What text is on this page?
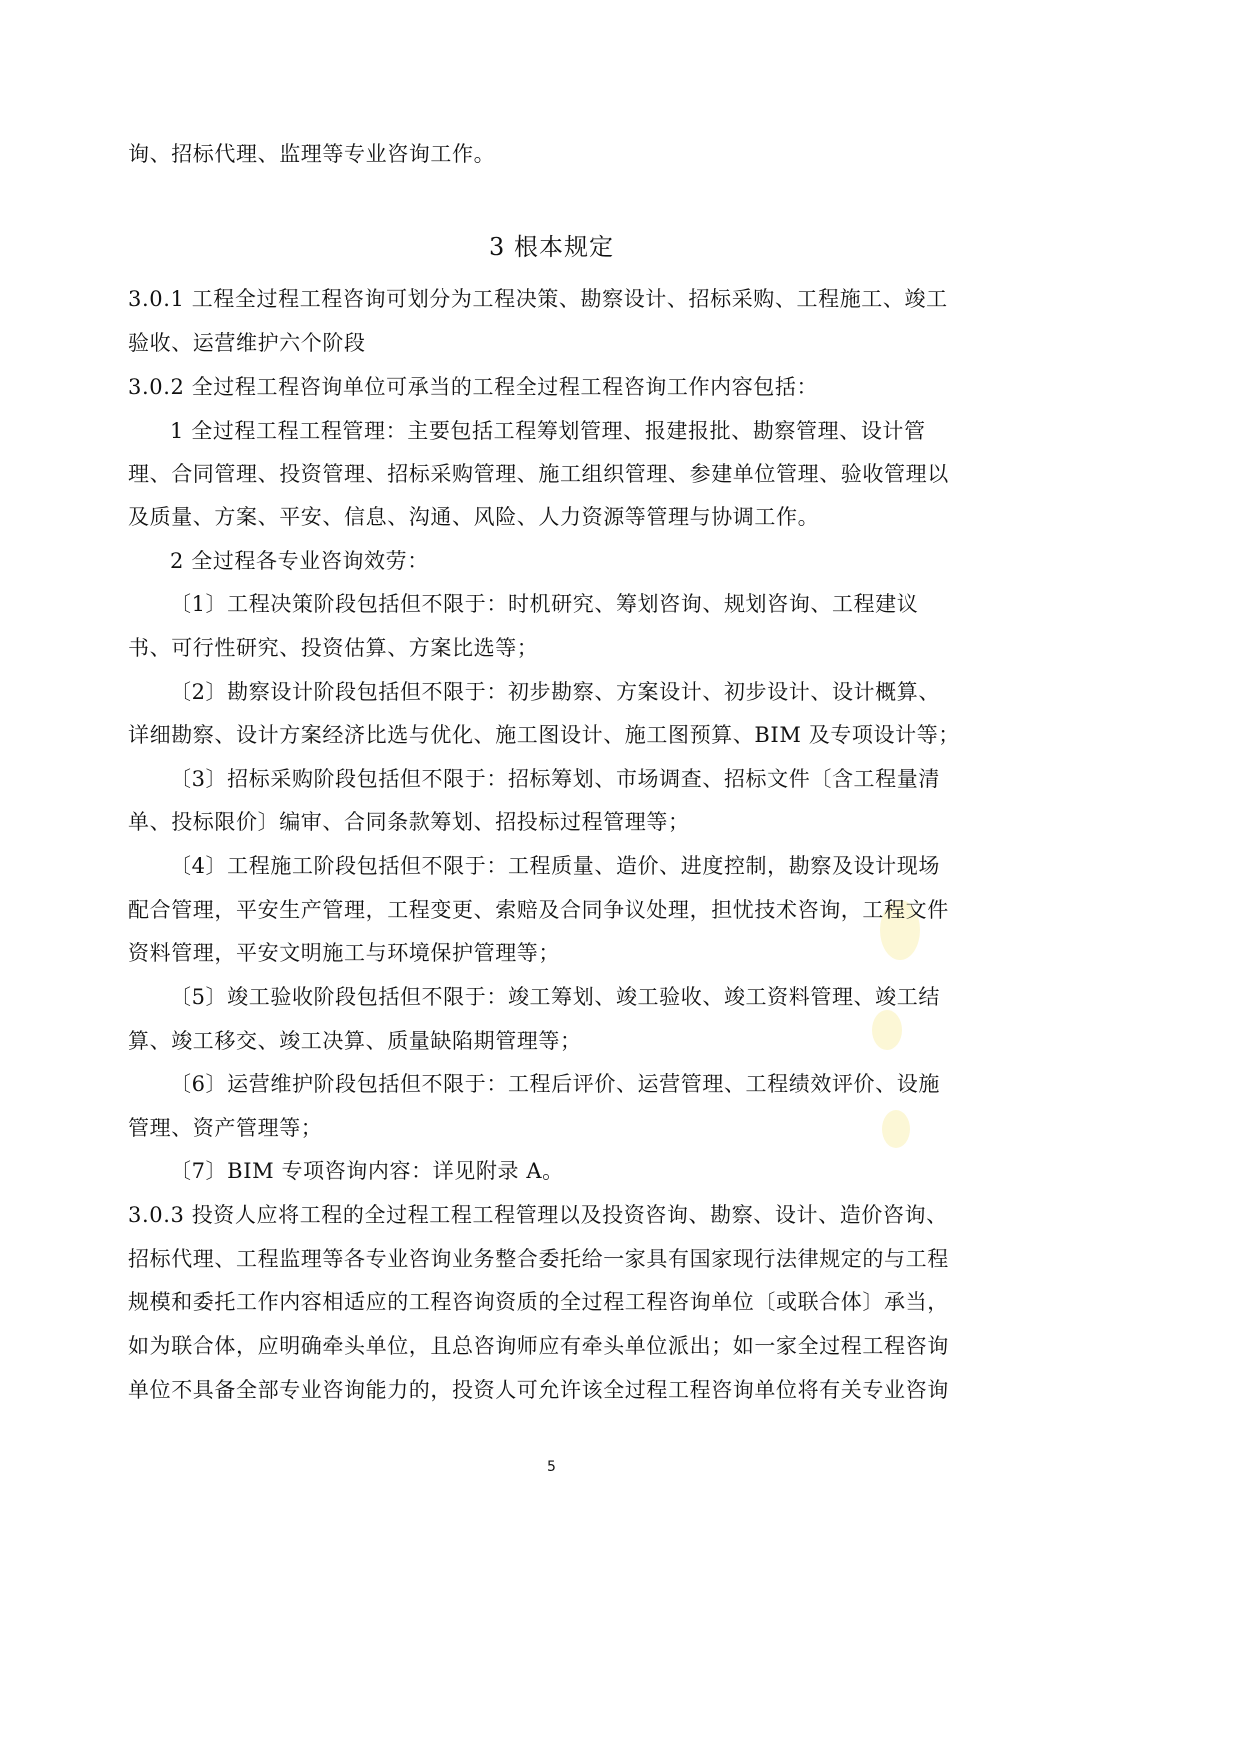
询、招标代理、监理等专业咨询工作。
3 根本规定
3.0.1 工程全过程工程咨询可划分为工程决策、勘察设计、招标采购、工程施工、竣工
验收、运营维护六个阶段
3.0.2 全过程工程咨询单位可承当的工程全过程工程咨询工作内容包括：
1 全过程工程工程管理：主要包括工程筹划管理、报建报批、勘察管理、设计管
理、合同管理、投资管理、招标采购管理、施工组织管理、参建单位管理、验收管理以
及质量、方案、平安、信息、沟通、风险、人力资源等管理与协调工作。
2 全过程各专业咨询效劳：
〔1〕工程决策阶段包括但不限于：时机研究、筹划咨询、规划咨询、工程建议
书、可行性研究、投资估算、方案比选等；
〔2〕勘察设计阶段包括但不限于：初步勘察、方案设计、初步设计、设计概算、
详细勘察、设计方案经济比选与优化、施工图设计、施工图预算、BIM 及专项设计等；
〔3〕招标采购阶段包括但不限于：招标筹划、市场调查、招标文件〔含工程量清
单、投标限价〕编审、合同条款筹划、招投标过程管理等；
〔4〕工程施工阶段包括但不限于：工程质量、造价、进度控制，勘察及设计现场
配合管理，平安生产管理，工程变更、索赔及合同争议处理，担忧技术咨询，工程文件
资料管理，平安文明施工与环境保护管理等；
〔5〕竣工验收阶段包括但不限于：竣工筹划、竣工验收、竣工资料管理、竣工结
算、竣工移交、竣工决算、质量缺陷期管理等；
〔6〕运营维护阶段包括但不限于：工程后评价、运营管理、工程绩效评价、设施
管理、资产管理等；
〔7〕BIM 专项咨询内容：详见附录 A。
3.0.3 投资人应将工程的全过程工程工程管理以及投资咨询、勘察、设计、造价咨询、
招标代理、工程监理等各专业咨询业务整合委托给一家具有国家现行法律规定的与工程
规模和委托工作内容相适应的工程咨询资质的全过程工程咨询单位〔或联合体〕承当，
如为联合体，应明确牵头单位，且总咨询师应有牵头单位派出；如一家全过程工程咨询
单位不具备全部专业咨询能力的，投资人可允许该全过程工程咨询单位将有关专业咨询
5
